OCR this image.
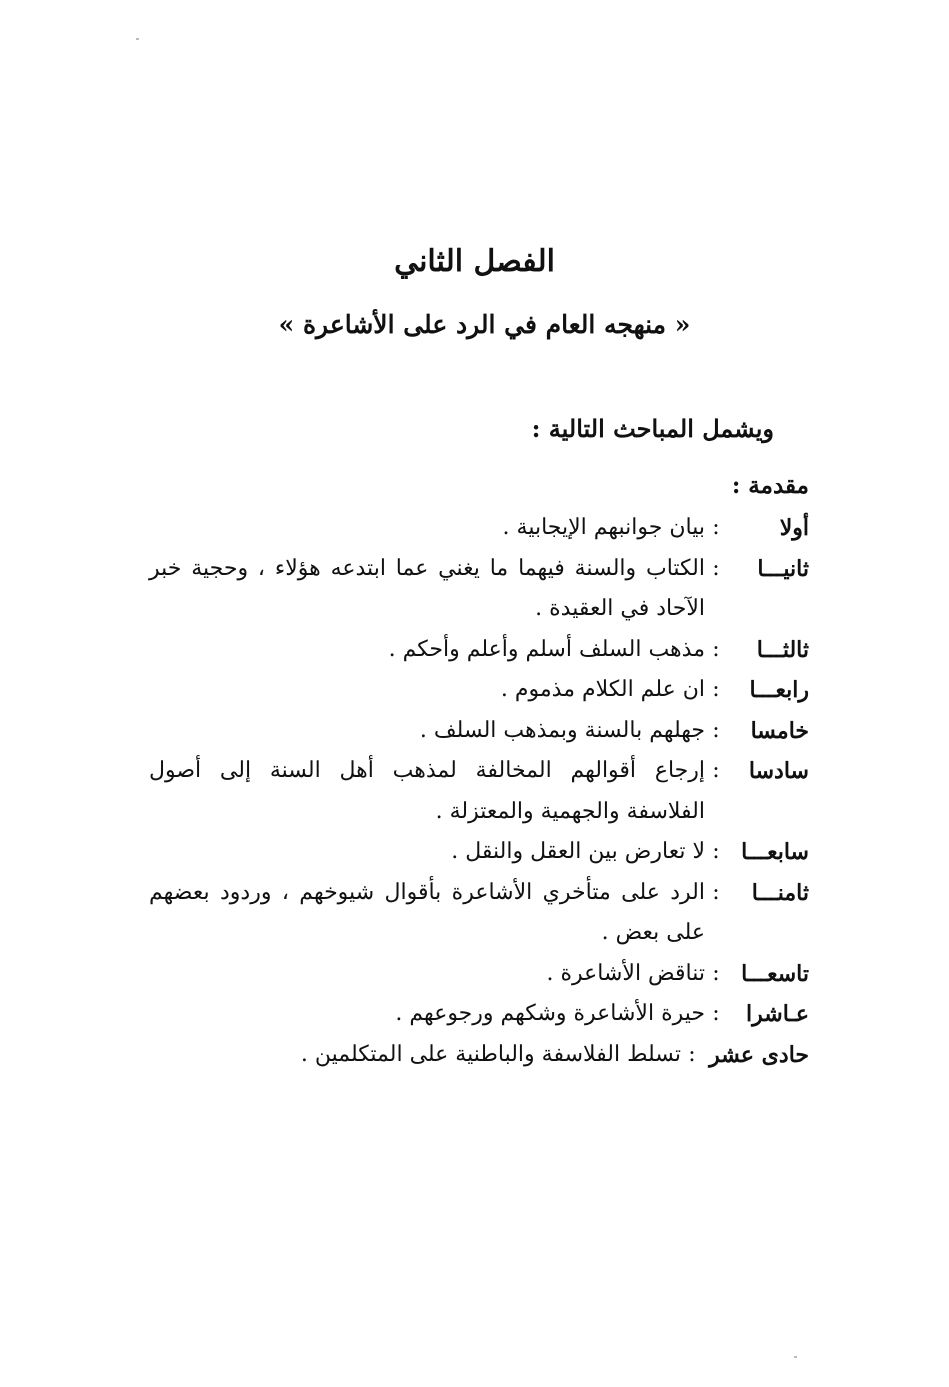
الفصل الثاني
« منهجه العام في الرد على الأشاعرة »
ويشمل المباحث التالية :
مقدمة :
أولا
:
بيان جوانبهم الإيجابية .
ثانيـــا
:
الكتاب والسنة فيهما ما يغني عما ابتدعه هؤلاء ، وحجية خبر الآحاد في العقيدة .
ثالثـــا
:
مذهب السلف أسلم وأعلم وأحكم .
رابعـــا
:
ان علم الكلام مذموم .
خامسا
:
جهلهم بالسنة وبمذهب السلف .
سادسا
:
إرجاع أقوالهم المخالفة لمذهب أهل السنة إلى أصول الفلاسفة والجهمية والمعتزلة .
سابعـــا
:
لا تعارض بين العقل والنقل .
ثامنـــا
:
الرد على متأخري الأشاعرة بأقوال شيوخهم ، وردود بعضهم على بعض .
تاسعـــا
:
تناقض الأشاعرة .
عـاشرا
:
حيرة الأشاعرة وشكهم ورجوعهم .
حادى عشر
:
تسلط الفلاسفة والباطنية على المتكلمين .
